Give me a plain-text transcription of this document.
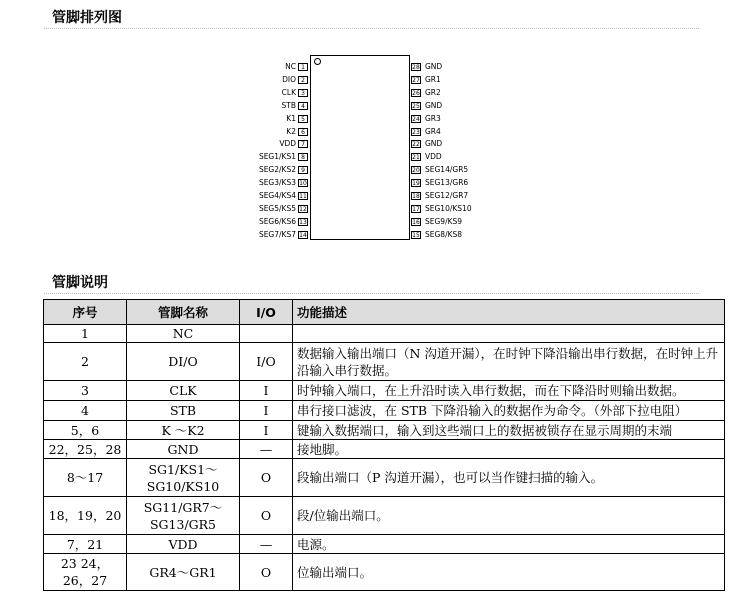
管脚排列图
NC 1
DIO 2
CLK 3
STB 4
K1 5
K2 6
VDD 7
SEG1/KS1 8
SEG2/KS2 9
SEG3/KS3 10
SEG4/KS4 11
SEG5/KS5 12
SEG6/KS6 13
SEG7/KS7 14
28 GND
27 GR1
26 GR2
25 GND
24 GR3
23 GR4
22 GND
21 VDD
20 SEG14/GR5
19 SEG13/GR6
18 SEG12/GR7
17 SEG10/KS10
16 SEG9/KS9
15 SEG8/KS8
管脚说明
序号	管脚名称	I/O	功能描述
1	NC		
2	DI/O	I/O	数据输入输出端口（N 沟道开漏），在时钟下降沿输出串行数据，在时钟上升沿输入串行数据。
3	CLK	I	时钟输入端口，在上升沿时读入串行数据，而在下降沿时则输出数据。
4	STB	I	串行接口滤波，在 STB 下降沿输入的数据作为命令。（外部下拉电阻）
5，6	K ～K2	I	键输入数据端口，输入到这些端口上的数据被锁存在显示周期的末端
22，25，28	GND	—	接地脚。
8～17	SG1/KS1～SG10/KS10	O	段输出端口（P 沟道开漏），也可以当作键扫描的输入。
18，19，20	SG11/GR7～SG13/GR5	O	段/位输出端口。
7，21	VDD	—	电源。
23 24，26，27	GR4～GR1	O	位输出端口。
